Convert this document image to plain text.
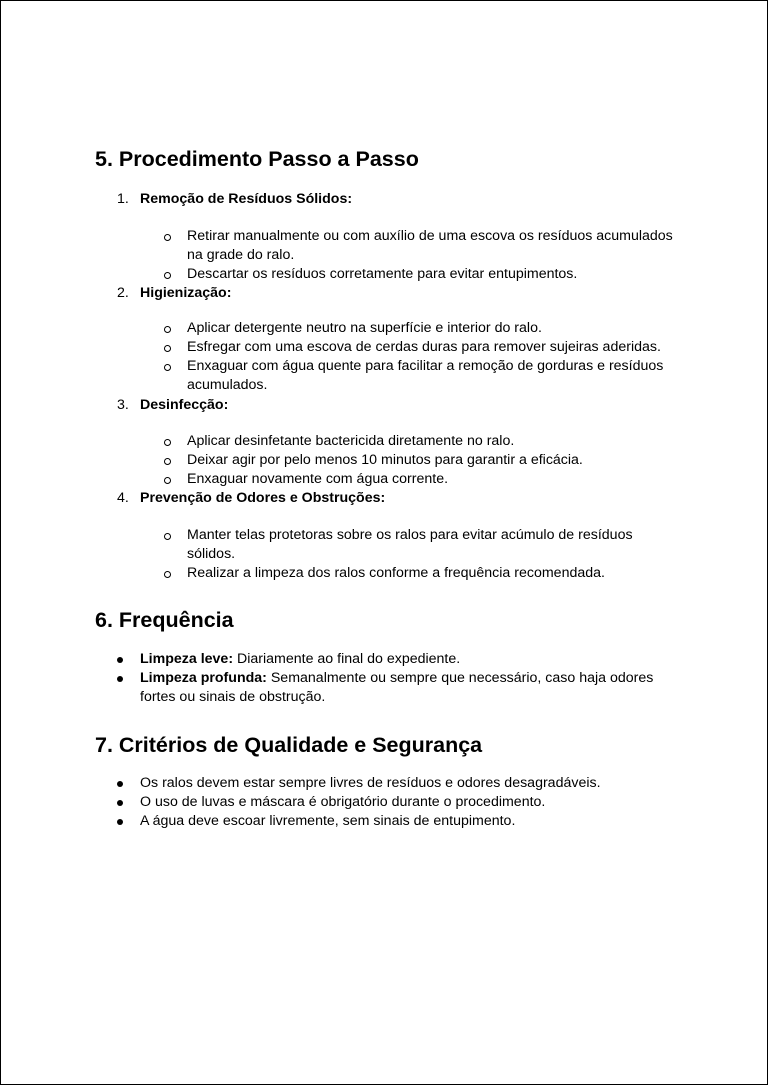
5. Procedimento Passo a Passo
1. Remoção de Resíduos Sólidos:

Retirar manualmente ou com auxílio de uma escova os resíduos acumulados

na grade do ralo.

Descartar os resíduos corretamente para evitar entupimentos.

2. Higienização:

Aplicar detergente neutro na superfície e interior do ralo.

Esfregar com uma escova de cerdas duras para remover sujeiras aderidas.

Enxaguar com água quente para facilitar a remoção de gorduras e resíduos

acumulados.

3. Desinfecção:

Aplicar desinfetante bactericida diretamente no ralo.

Deixar agir por pelo menos 10 minutos para garantir a eficácia.

Enxaguar novamente com água corrente.

4. Prevenção de Odores e Obstruções:

Manter telas protetoras sobre os ralos para evitar acúmulo de resíduos

sólidos.

Realizar a limpeza dos ralos conforme a frequência recomendada.

6. Frequência

Limpeza leve: Diariamente ao final do expediente.

Limpeza profunda: Semanalmente ou sempre que necessário, caso haja odores

fortes ou sinais de obstrução.

7. Critérios de Qualidade e Segurança

Os ralos devem estar sempre livres de resíduos e odores desagradáveis.

O uso de luvas e máscara é obrigatório durante o procedimento.

A água deve escoar livremente, sem sinais de entupimento.
